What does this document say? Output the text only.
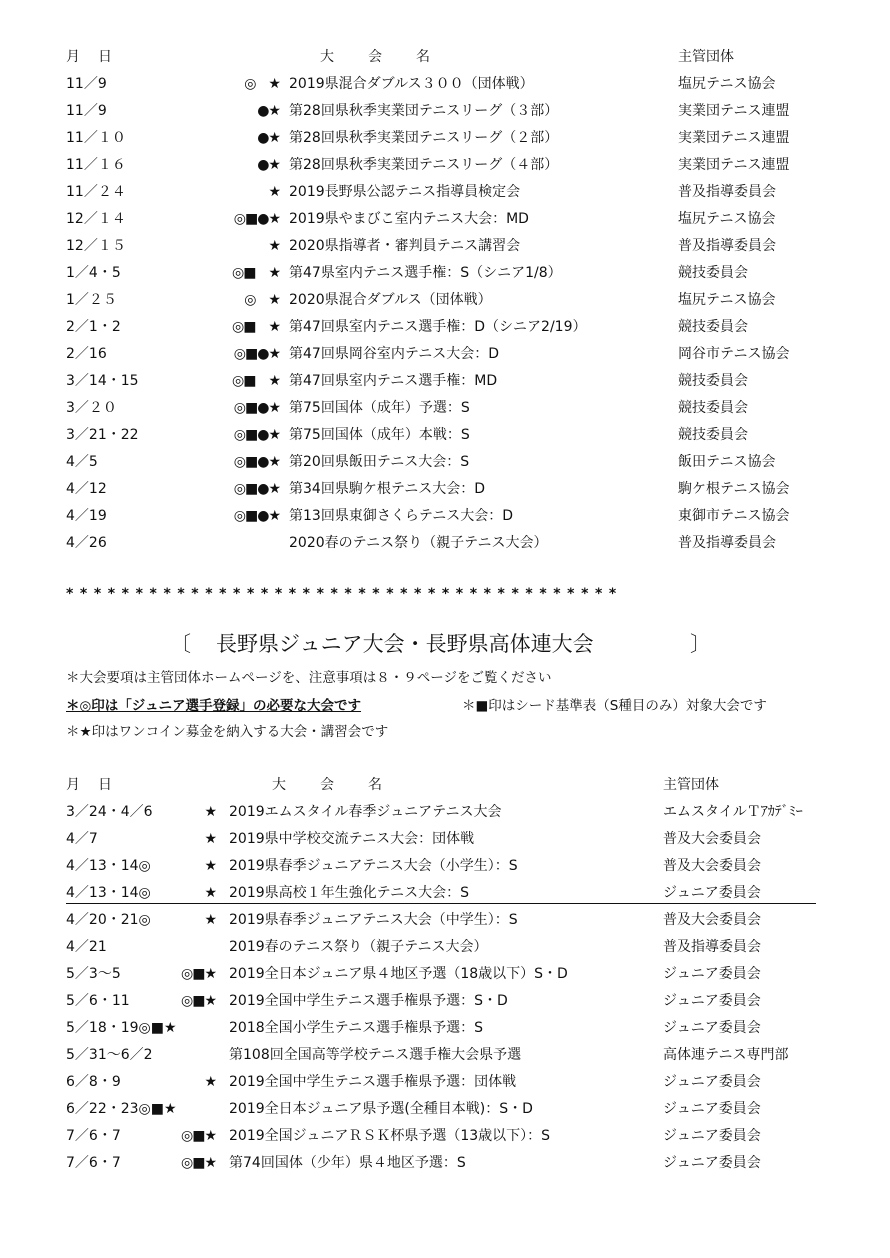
月　日	大　　会　　名	主管団体
11／9	◎　★ 2019県混合ダブルス３００（団体戦）	塩尻テニス協会
11／9	●★ 第28回県秋季実業団テニスリーグ（３部）	実業団テニス連盟
11／１０	●★ 第28回県秋季実業団テニスリーグ（２部）	実業団テニス連盟
11／１６	●★ 第28回県秋季実業団テニスリーグ（４部）	実業団テニス連盟
11／２４	★ 2019長野県公認テニス指導員検定会	普及指導委員会
12／１４	◎■●★ 2019県やまびこ室内テニス大会：MD	塩尻テニス協会
12／１５	★ 2020県指導者・審判員テニス講習会	普及指導委員会
1／4・5	◎■　★ 第47県室内テニス選手権：S（シニア1/8）	競技委員会
1／２５	◎　★ 2020県混合ダブルス（団体戦）	塩尻テニス協会
2／1・2	◎■　★ 第47回県室内テニス選手権：D（シニア2/19）	競技委員会
2／16	◎■●★ 第47回県岡谷室内テニス大会：D	岡谷市テニス協会
3／14・15	◎■　★ 第47回県室内テニス選手権：MD	競技委員会
3／２０	◎■●★ 第75回国体（成年）予選：S	競技委員会
3／21・22	◎■●★ 第75回国体（成年）本戦：S	競技委員会
4／5	◎■●★ 第20回県飯田テニス大会：S	飯田テニス協会
4／12	◎■●★ 第34回県駒ケ根テニス大会：D	駒ケ根テニス協会
4／19	◎■●★ 第13回県東御さくらテニス大会：D	東御市テニス協会
4／26	2020春のテニス祭り（親子テニス大会）	普及指導委員会
****************************************
〔 長野県ジュニア大会・長野県高体連大会	〕
＊大会要項は主管団体ホームページを、注意事項は８・９ページをご覧ください
＊◎印は「ジュニア選手登録」の必要な大会です	＊■印はシード基準表（S種目のみ）対象大会です
＊★印はワンコイン募金を納入する大会・講習会です
月　日	大　　会　　名	主管団体
3／24・4／6	★ 2019エムスタイル春季ジュニアテニス大会	エムスタイルＴｱｶﾃﾞﾐｰ
4／7	★ 2019県中学校交流テニス大会：団体戦	普及大会委員会
4／13・14◎	★ 2019県春季ジュニアテニス大会（小学生）：S	普及大会委員会
4／13・14◎	★ 2019県高校１年生強化テニス大会：S	ジュニア委員会
4／20・21◎	★ 2019県春季ジュニアテニス大会（中学生）：S	普及大会委員会
4／21	2019春のテニス祭り（親子テニス大会）	普及指導委員会
5／3～5	◎■★ 2019全日本ジュニア県４地区予選（18歳以下）S・D	ジュニア委員会
5／6・11	◎■★ 2019全国中学生テニス選手権県予選：S・D	ジュニア委員会
5／18・19◎■★	2018全国小学生テニス選手権県予選：S	ジュニア委員会
5／31～6／2	第108回全国高等学校テニス選手権大会県予選	高体連テニス専門部
6／8・9	★ 2019全国中学生テニス選手権県予選：団体戦	ジュニア委員会
6／22・23◎■★	2019全日本ジュニア県予選(全種目本戦)：S・D	ジュニア委員会
7／6・7	◎■★ 2019全国ジュニアＲＳＫ杯県予選（13歳以下）：S	ジュニア委員会
7／6・7	◎■★ 第74回国体（少年）県４地区予選：S	ジュニア委員会
